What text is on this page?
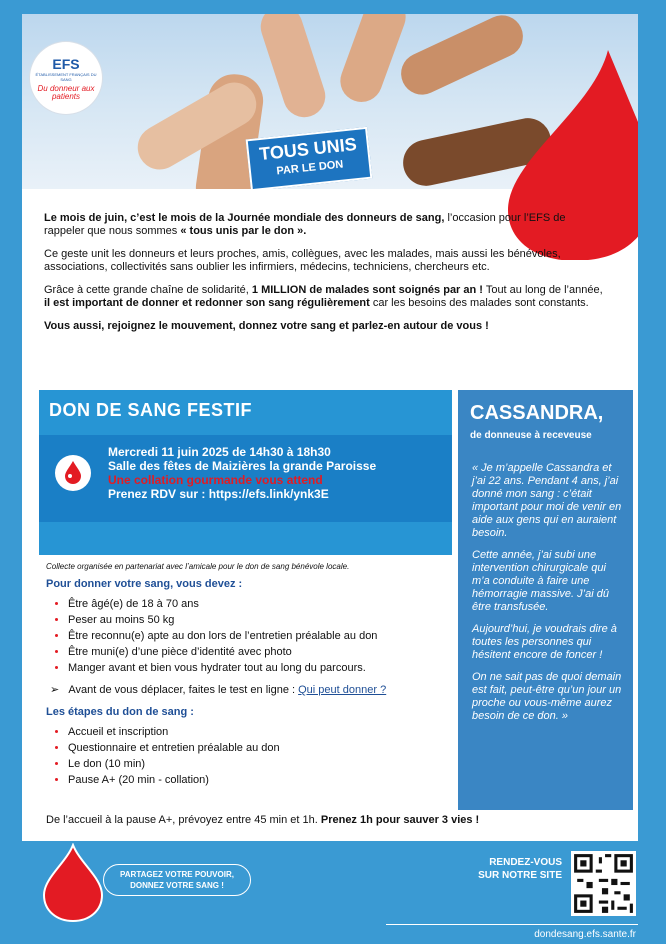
EFS
ÉTABLISSEMENT FRANÇAIS DU SANG
Du donneur aux patients
TOUS UNIS
PAR LE DON

Le mois de juin, c’est le mois de la Journée mondiale des donneurs de sang, l’occasion pour l’EFS de rappeler que nous sommes « tous unis par le don ».

Ce geste unit les donneurs et leurs proches, amis, collègues, avec les malades, mais aussi les bénévoles, associations, collectivités sans oublier les infirmiers, médecins, techniciens, chercheurs etc.

Grâce à cette grande chaîne de solidarité, 1 MILLION de malades sont soignés par an ! Tout au long de l’année, il est important de donner et redonner son sang régulièrement car les besoins des malades sont constants.

Vous aussi, rejoignez le mouvement, donnez votre sang et parlez-en autour de vous !

DON DE SANG FESTIF
Mercredi 11 juin 2025 de 14h30 à 18h30
Salle des fêtes de Maizières la grande Paroisse
Une collation gourmande vous attend
Prenez RDV sur : https://efs.link/ynk3E
Collecte organisée en partenariat avec l’amicale pour le don de sang bénévole locale.
CASSANDRA,
de donneuse à receveuse

« Je m’appelle Cassandra et j’ai 22 ans. Pendant 4 ans, j’ai donné mon sang : c’était important pour moi de venir en aide aux gens qui en auraient besoin.

Cette année, j’ai subi une intervention chirurgicale qui m’a conduite à faire une hémorragie massive. J’ai dû être transfusée.

Aujourd’hui, je voudrais dire à toutes les personnes qui hésitent encore de foncer !

On ne sait pas de quoi demain est fait, peut-être qu’un jour un proche ou vous-même aurez besoin de ce don. »

Pour donner votre sang, vous devez :
• Être âgé(e) de 18 à 70 ans
• Peser au moins 50 kg
• Être reconnu(e) apte au don lors de l’entretien préalable au don
• Être muni(e) d’une pièce d’identité avec photo
• Manger avant et bien vous hydrater tout au long du parcours.
➢   Avant de vous déplacer, faites le test en ligne : Qui peut donner ?
Les étapes du don de sang :
• Accueil et inscription
• Questionnaire et entretien préalable au don
• Le don (10 min)
• Pause A+ (20 min - collation)
De l’accueil à la pause A+, prévoyez entre 45 min et 1h. Prenez 1h pour sauver 3 vies !
PARTAGEZ VOTRE POUVOIR,
DONNEZ VOTRE SANG !
RENDEZ-VOUS
SUR NOTRE SITE
dondesang.efs.sante.fr
